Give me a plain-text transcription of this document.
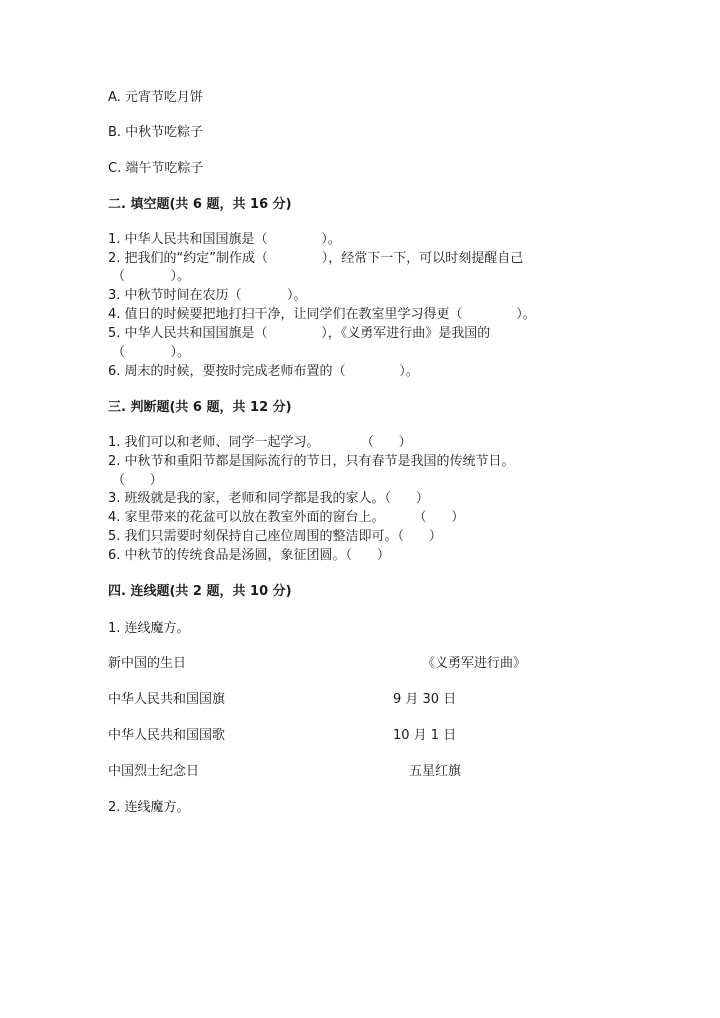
A. 元宵节吃月饼
B. 中秋节吃粽子
C. 端午节吃粽子
二. 填空题(共 6 题，共 16 分)
1. 中华人民共和国国旗是（             ）。
2. 把我们的“约定”制作成（             ），经常下一下，可以时刻提醒自己
（           ）。
3. 中秋节时间在农历（           ）。
4. 值日的时候要把地打扫干净，让同学们在教室里学习得更（             ）。
5. 中华人民共和国国旗是（             ），《义勇军进行曲》是我国的
（           ）。
6. 周末的时候，要按时完成老师布置的（             ）。
三. 判断题(共 6 题，共 12 分)
1. 我们可以和老师、同学一起学习。          （      ）
2. 中秋节和重阳节都是国际流行的节日，只有春节是我国的传统节日。
（      ）
3. 班级就是我的家，老师和同学都是我的家人。（      ）
4. 家里带来的花盆可以放在教室外面的窗台上。       （      ）
5. 我们只需要时刻保持自己座位周围的整洁即可。（      ）
6. 中秋节的传统食品是汤圆，象征团圆。（      ）
四. 连线题(共 2 题，共 10 分)
1. 连线魔方。
新中国的生日	《义勇军进行曲》
中华人民共和国国旗	9 月 30 日
中华人民共和国国歌	10 月 1 日
中国烈士纪念日	五星红旗
2. 连线魔方。
